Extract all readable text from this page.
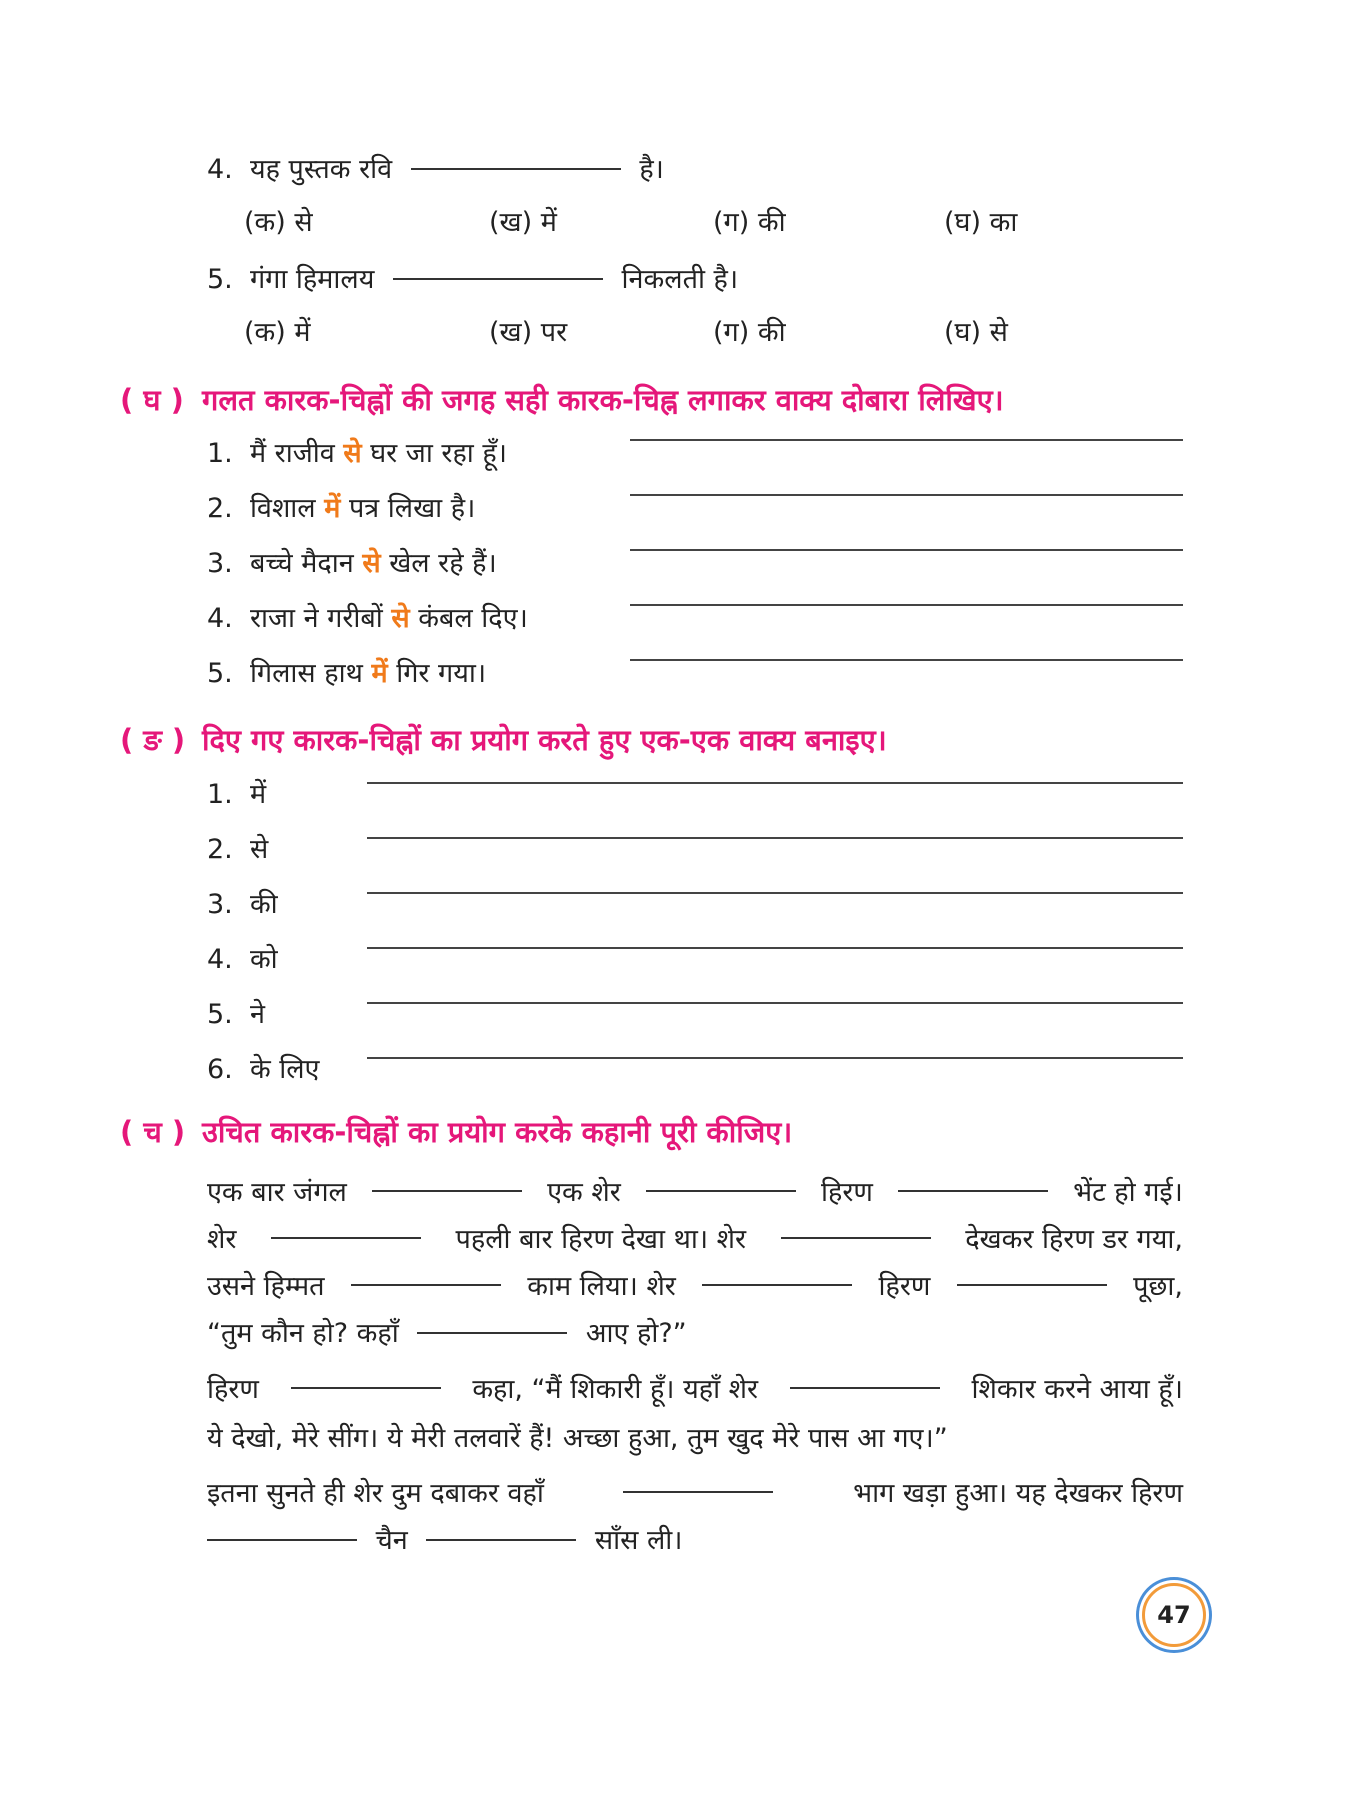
4. यह पुस्तक रवि	है।
(क) से	(ख) में	(ग) की	(घ) का
5. गंगा हिमालय	निकलती है।
(क) में	(ख) पर	(ग) की	(घ) से
( घ ) गलत कारक-चिह्नों की जगह सही कारक-चिह्न लगाकर वाक्य दोबारा लिखिए।
1. मैं राजीव से घर जा रहा हूँ।
2. विशाल में पत्र लिखा है।
3. बच्चे मैदान से खेल रहे हैं।
4. राजा ने गरीबों से कंबल दिए।
5. गिलास हाथ में गिर गया।
( ङ ) दिए गए कारक-चिह्नों का प्रयोग करते हुए एक-एक वाक्य बनाइए।
1. में
2. से
3. की
4. को
5. ने
6. के लिए
( च ) उचित कारक-चिह्नों का प्रयोग करके कहानी पूरी कीजिए।
एक बार जंगल	एक शेर	हिरण	भेंट हो गई।
शेर	पहली बार हिरण देखा था। शेर	देखकर हिरण डर गया,
उसने हिम्मत	काम लिया। शेर	हिरण	पूछा,
“तुम कौन हो? कहाँ	आए हो?”
हिरण	कहा, “मैं शिकारी हूँ। यहाँ शेर	शिकार करने आया हूँ।
ये देखो, मेरे सींग। ये मेरी तलवारें हैं! अच्छा हुआ, तुम खुद मेरे पास आ गए।”
इतना सुनते ही शेर दुम दबाकर वहाँ	भाग खड़ा हुआ। यह देखकर हिरण
चैन	साँस ली।
47
